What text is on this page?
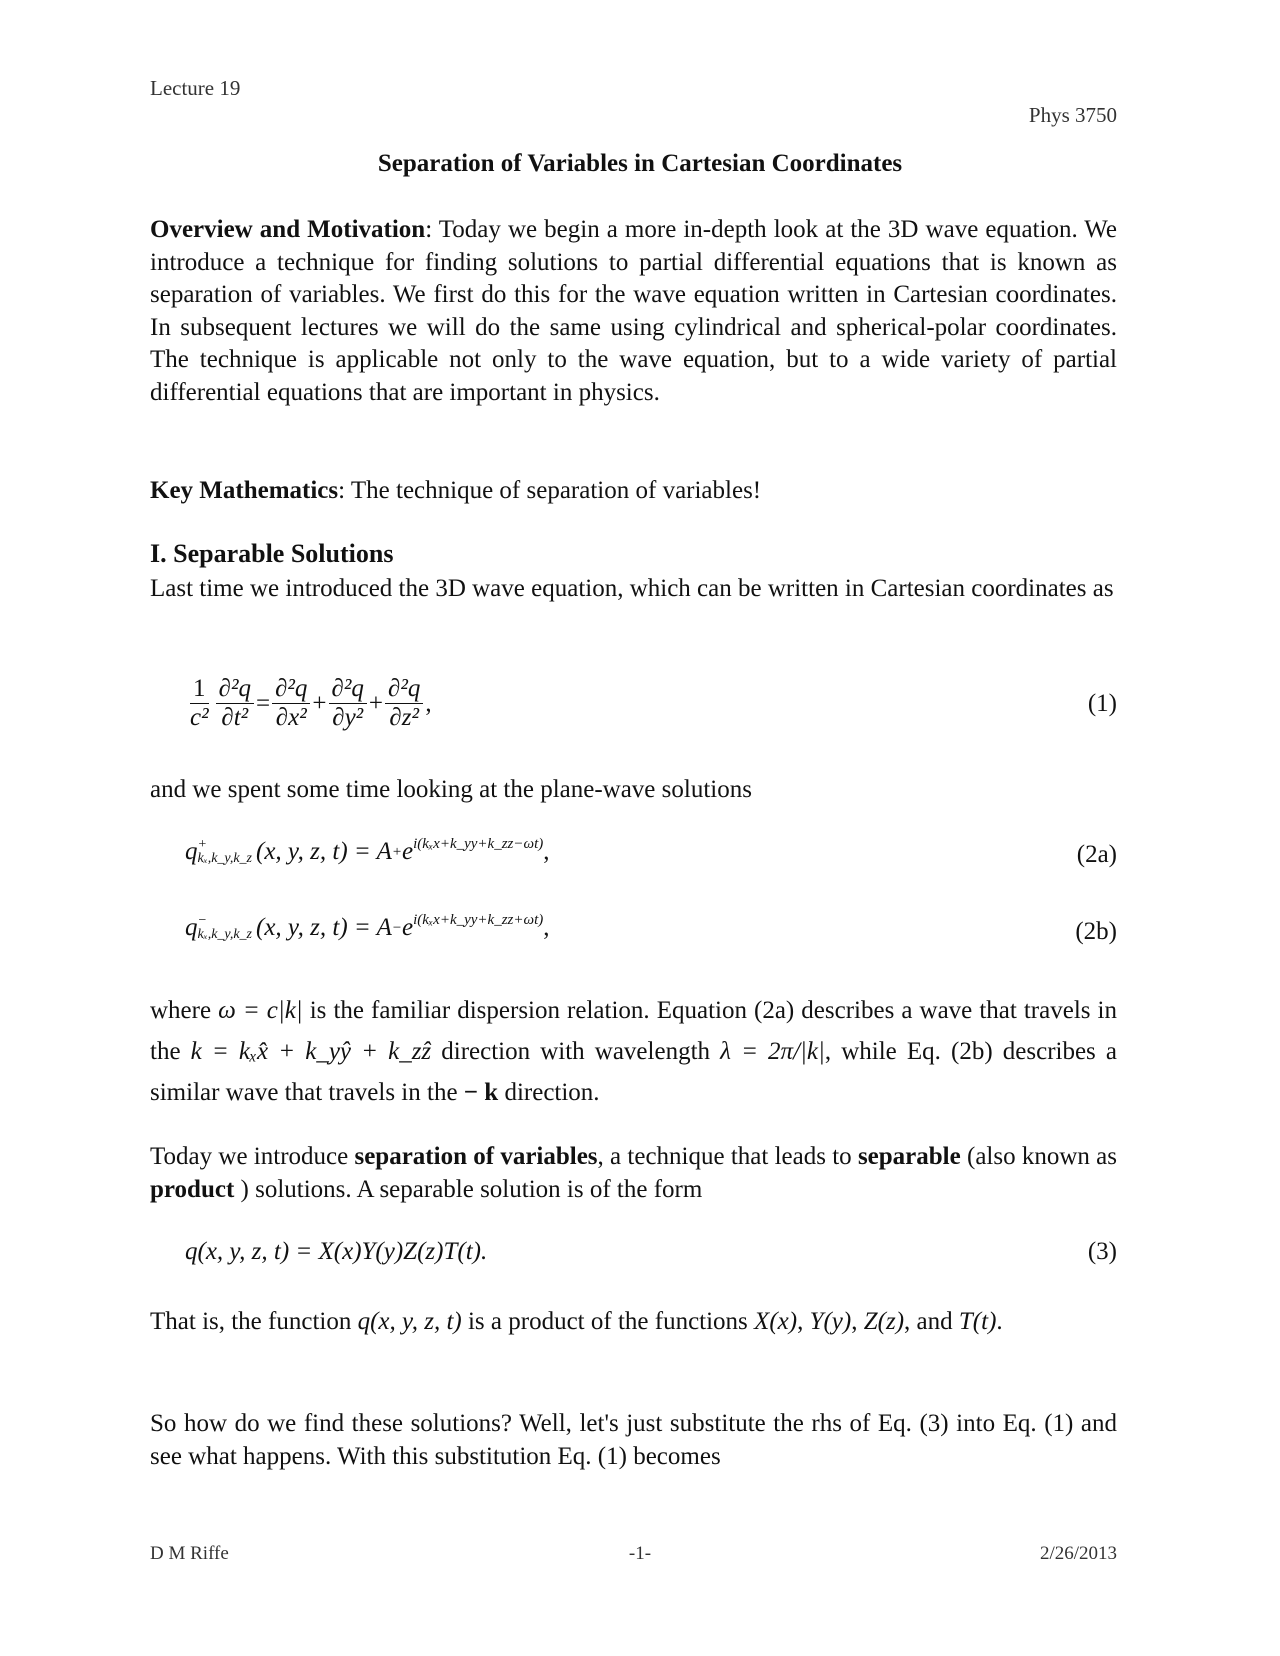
Lecture 19
Phys 3750
Separation of Variables in Cartesian Coordinates
Overview and Motivation: Today we begin a more in-depth look at the 3D wave equation. We introduce a technique for finding solutions to partial differential equations that is known as separation of variables. We first do this for the wave equation written in Cartesian coordinates. In subsequent lectures we will do the same using cylindrical and spherical-polar coordinates. The technique is applicable not only to the wave equation, but to a wide variety of partial differential equations that are important in physics.
Key Mathematics: The technique of separation of variables!
I. Separable Solutions
Last time we introduced the 3D wave equation, which can be written in Cartesian coordinates as
$\frac{1}{\text{c²}} \frac{\text{∂²q}}{\text{∂t²}} = \frac{\text{∂²q}}{\text{∂x²}} + \frac{\text{∂²q}}{\text{∂y²}} + \frac{\text{∂²q}}{\text{∂z²}}$ ,	(1)
and we spent some time looking at the plane-wave solutions
q +
kₓ,k_y,k_z (x, y, z, $t) = A + e^{i(k_xx+k\_yy+k\_zz-\omega t)}$ ,	(2a)
q −
kₓ,k_y,k_z (x, y, z, $t) = A - e^{i(k_xx+k\_yy+k\_zz+\omega t)}$ ,	(2b)
where ω = c|k| is the familiar dispersion relation. Equation (2a) describes a wave that travels in the k = kₓx̂ + k_yŷ + k_zẑ direction with wavelength λ = 2π/|k|, while Eq. (2b) describes a similar wave that travels in the − k direction.
Today we introduce separation of variables, a technique that leads to separable (also known as product ) solutions. A separable solution is of the form
q(x, y, z, t) = X(x)Y(y)Z(z)T(t).	(3)
That is, the function q(x, y, z, t) is a product of the functions X(x), Y(y), Z(z), and T(t).
So how do we find these solutions? Well, let's just substitute the rhs of Eq. (3) into Eq. (1) and see what happens. With this substitution Eq. (1) becomes
D M Riffe	-1-	2/26/2013
